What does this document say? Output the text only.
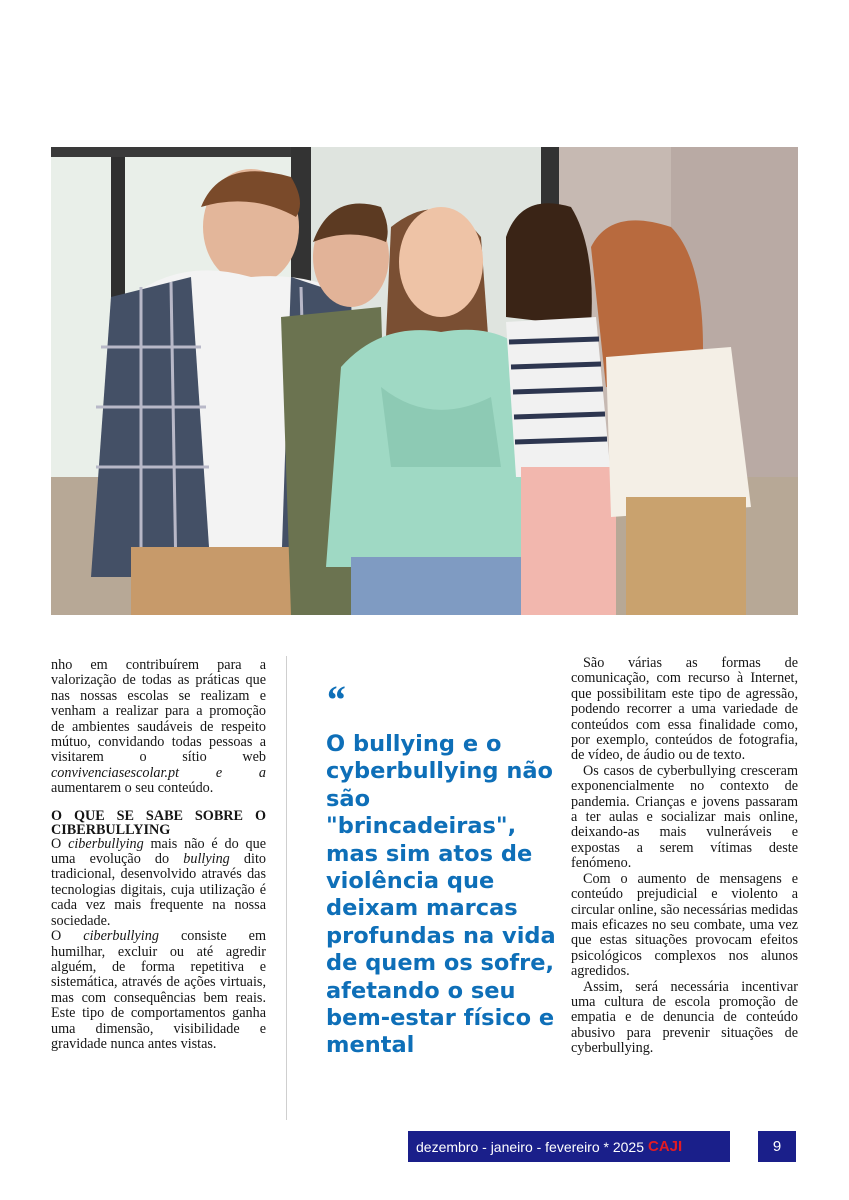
nho em contribuírem para a valorização de todas as práticas que nas nossas escolas se realizam e venham a realizar para a promoção de ambientes saudáveis de respeito mútuo, convidando todas pessoas a visitarem o sítio web convivenciasescolar.pt e a aumentarem o seu conteúdo.

O QUE SE SABE SOBRE O CIBERBULLYING

O ciberbullying mais não é do que uma evolução do bullying dito tradicional, desenvolvido através das tecnologias digitais, cuja utilização é cada vez mais frequente na nossa sociedade.

O ciberbullying consiste em humilhar, excluir ou até agredir alguém, de forma repetitiva e sistemática, através de ações virtuais, mas com consequências bem reais. Este tipo de comportamentos ganha uma dimensão, visibilidade e gravidade nunca antes vistas.

“
O bullying e o cyberbullying não são "brincadeiras", mas sim atos de violência que deixam marcas profundas na vida de quem os sofre, afetando o seu bem-estar físico e mental

São várias as formas de comunicação, com recurso à Internet, que possibilitam este tipo de agressão, podendo recorrer a uma variedade de conteúdos com essa finalidade como, por exemplo, conteúdos de fotografia, de vídeo, de áudio ou de texto.

Os casos de cyberbullying cresceram exponencialmente no contexto de pandemia. Crianças e jovens passaram a ter aulas e socializar mais online, deixando-as mais vulneráveis e expostas a serem vítimas deste fenómeno.

Com o aumento de mensagens e conteúdo prejudicial e violento a circular online, são necessárias medidas mais eficazes no seu combate, uma vez que estas situações provocam efeitos psicológicos complexos nos alunos agredidos.

Assim, será necessária incentivar uma cultura de escola promoção de empatia e de denuncia de conteúdo abusivo para prevenir situações de cyberbullying.

dezembro - janeiro - fevereiro * 2025 CAJI	9
